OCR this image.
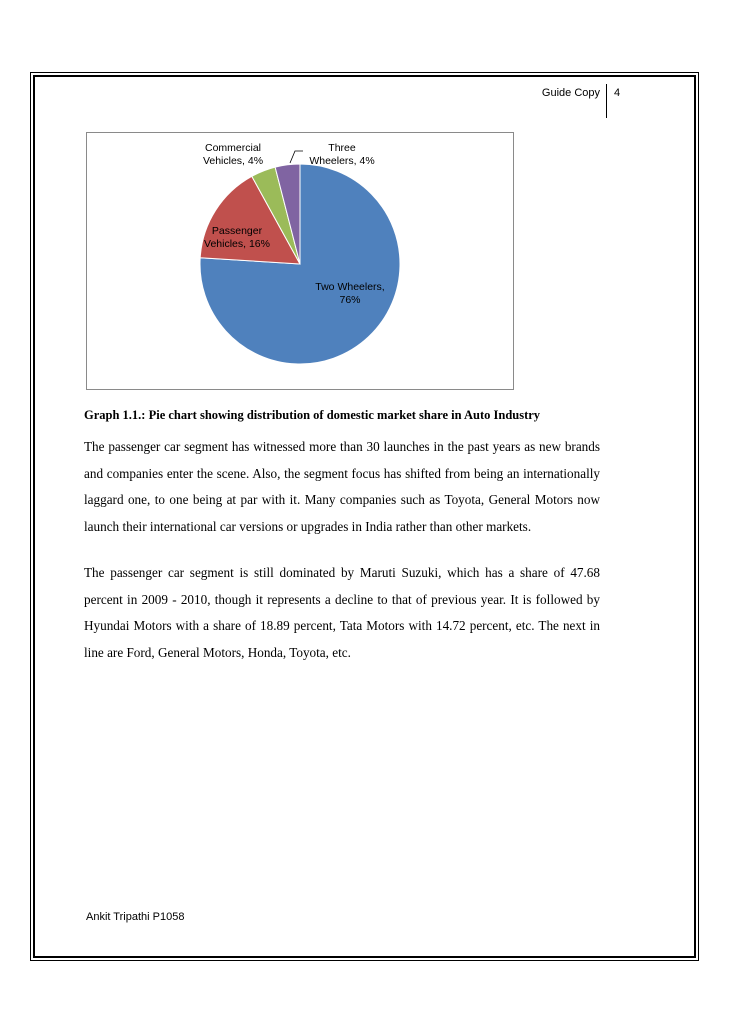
Guide Copy 4
Two Wheelers, 76%
Passenger Vehicles, 16%
Commercial Vehicles, 4%
Three Wheelers, 4%
Graph 1.1.: Pie chart showing distribution of domestic market share in Auto Industry

The passenger car segment has witnessed more than 30 launches in the past years as new brands and companies enter the scene. Also, the segment focus has shifted from being an internationally laggard one, to one being at par with it. Many companies such as Toyota, General Motors now launch their international car versions or upgrades in India rather than other markets.

The passenger car segment is still dominated by Maruti Suzuki, which has a share of 47.68 percent in 2009 - 2010, though it represents a decline to that of previous year. It is followed by Hyundai Motors with a share of 18.89 percent, Tata Motors with 14.72 percent, etc. The next in line are Ford, General Motors, Honda, Toyota, etc.

Ankit Tripathi P1058
